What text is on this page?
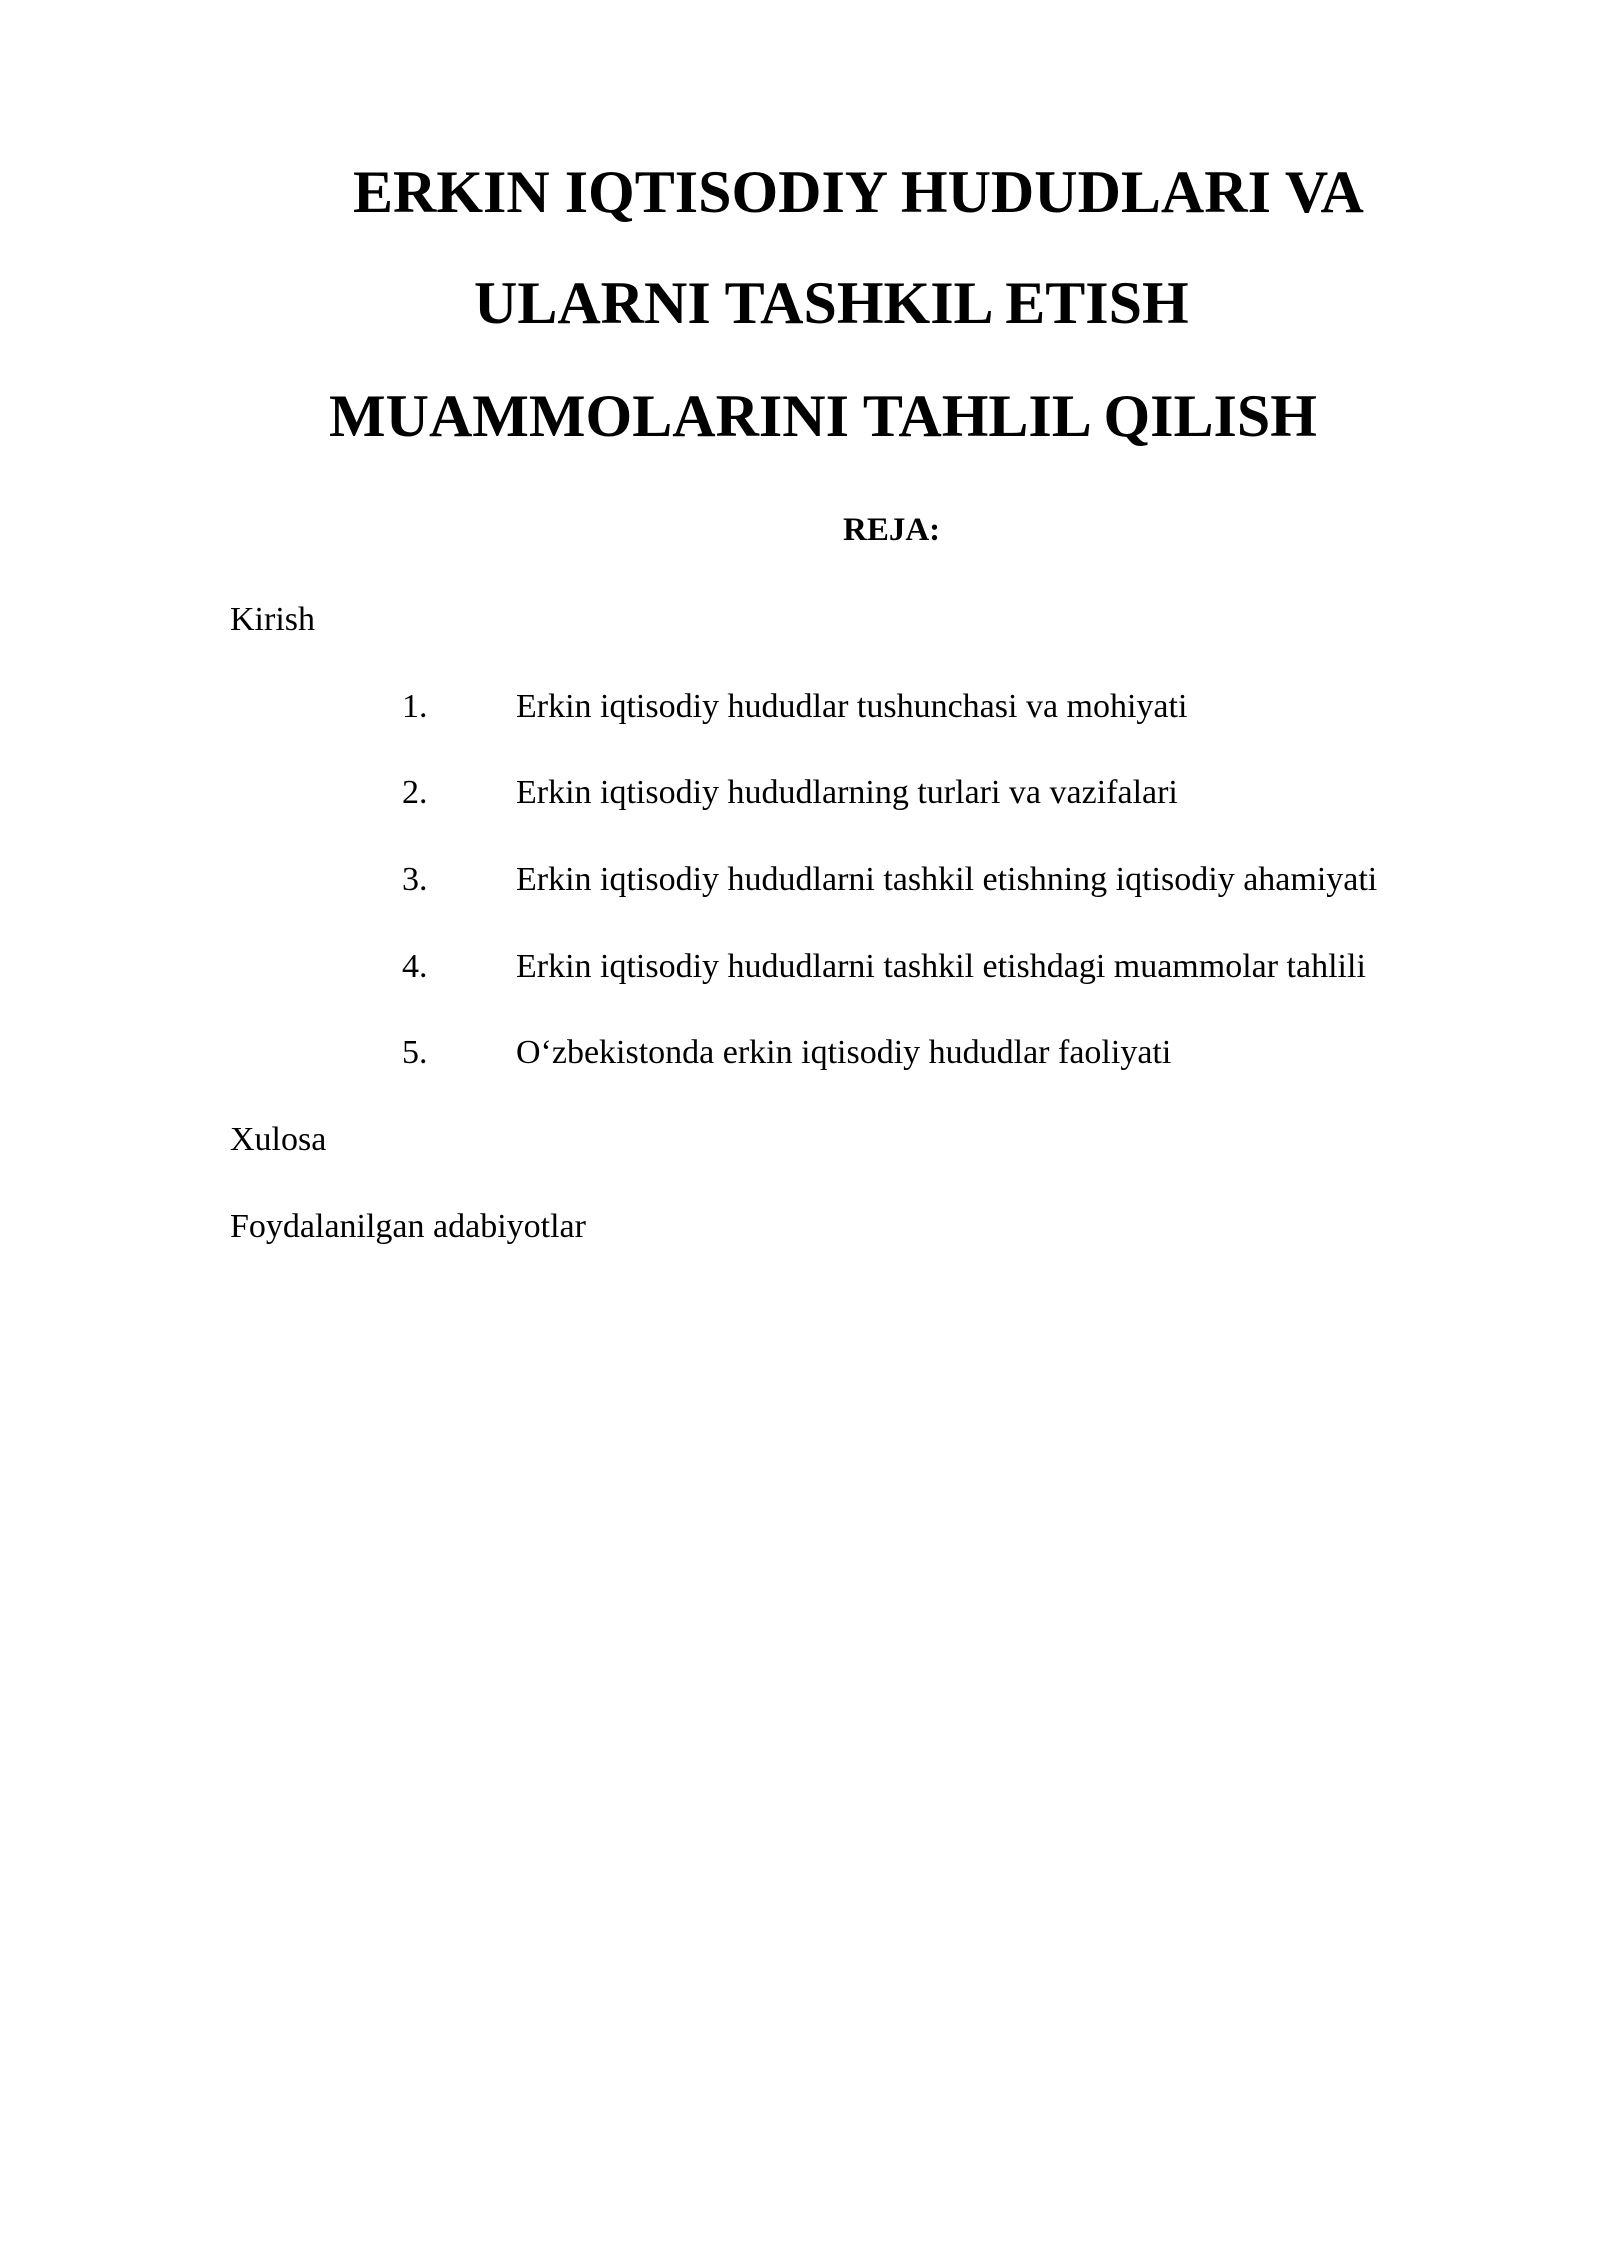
ERKIN IQTISODIY HUDUDLARI VA
ULARNI TASHKIL ETISH
MUAMMOLARINI TAHLIL QILISH
REJA:
Kirish
1.	Erkin iqtisodiy hududlar tushunchasi va mohiyati
2.	Erkin iqtisodiy hududlarning turlari va vazifalari
3.	Erkin iqtisodiy hududlarni tashkil etishning iqtisodiy ahamiyati
4.	Erkin iqtisodiy hududlarni tashkil etishdagi muammolar tahlili
5.	O‘zbekistonda erkin iqtisodiy hududlar faoliyati
Xulosa
Foydalanilgan adabiyotlar
